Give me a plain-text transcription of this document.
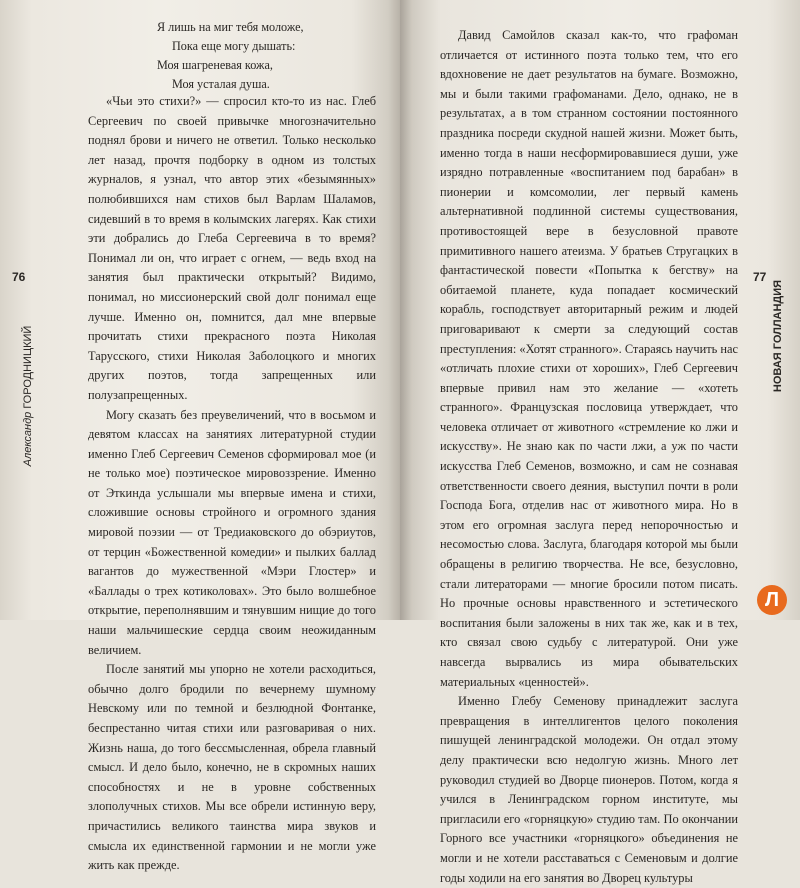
Я лишь на миг тебя моложе,
Пока еще могу дышать:
Моя шагреневая кожа,
Моя усталая душа.

«Чьи это стихи?» — спросил кто-то из нас. Глеб Сергеевич по своей привычке многозначительно поднял брови и ничего не ответил. Только несколько лет назад, прочтя подборку в одном из толстых журналов, я узнал, что автор этих «безымянных» полюбившихся нам стихов был Варлам Шаламов, сидевший в то время в колымских лагерях. Как стихи эти добрались до Глеба Сергеевича в то время? Понимал ли он, что играет с огнем, — ведь вход на занятия был практически открытый? Видимо, понимал, но миссионерский свой долг понимал еще лучше. Именно он, помнится, дал мне впервые прочитать стихи прекрасного поэта Николая Тарусского, стихи Николая Заболоцкого и многих других поэтов, тогда запрещенных или полузапрещенных.

Могу сказать без преувеличений, что в восьмом и девятом классах на занятиях литературной студии именно Глеб Сергеевич Семенов сформировал мое (и не только мое) поэтическое мировоззрение. Именно от Эткинда услышали мы впервые имена и стихи, сложившие основы стройного и огромного здания мировой поэзии — от Тредиаковского до обэриутов, от терцин «Божественной комедии» и пылких баллад вагантов до мужественной «Мэри Глостер» и «Баллады о трех котиколовах». Это было волшебное открытие, переполнявшим и тянувшим нищие до того наши мальчишеские сердца своим неожиданным величием.

После занятий мы упорно не хотели расходиться, обычно долго бродили по вечернему шумному Невскому или по темной и безлюдной Фонтанке, беспрестанно читая стихи или разговаривая о них. Жизнь наша, до того бессмысленная, обрела главный смысл. И дело было, конечно, не в скромных наших способностях и не в уровне собственных злополучных стихов. Мы все обрели истинную веру, причастились великого таинства мира звуков и смысла их единственной гармонии и не могли уже жить как прежде.

76
Александр ГОРОДНИЦКИЙ

Давид Самойлов сказал как-то, что графоман отличается от истинного поэта только тем, что его вдохновение не дает результатов на бумаге. Возможно, мы и были такими графоманами. Дело, однако, не в результатах, а в том странном состоянии постоянного праздника посреди скудной нашей жизни. Может быть, именно тогда в наши несформировавшиеся души, уже изрядно потравленные «воспитанием под барабан» в пионерии и комсомолии, лег первый камень альтернативной подлинной системы существования, противостоящей вере в безусловной правоте примитивного нашего атеизма. У братьев Стругацких в фантастической повести «Попытка к бегству» на обитаемой планете, куда попадает космический корабль, господствует авторитарный режим и людей приговаривают к смерти за следующий состав преступления: «Хотят странного». Стараясь научить нас «отличать плохие стихи от хороших», Глеб Сергеевич впервые привил нам это желание — «хотеть странного». Французская пословица утверждает, что человека отличает от животного «стремление ко лжи и искусству». Не знаю как по части лжи, а уж по части искусства Глеб Семенов, возможно, и сам не сознавая ответственности своего деяния, выступил почти в роли Господа Бога, отделив нас от животного мира. Но в этом его огромная заслуга перед непорочностью и несомостью слова. Заслуга, благодаря которой мы были обращены в религию творчества. Не все, безусловно, стали литераторами — многие бросили потом писать. Но прочные основы нравственного и эстетического воспитания были заложены в них так же, как и в тех, кто связал свою судьбу с литературой. Они уже навсегда вырвались из мира обывательских материальных «ценностей».

Именно Глебу Семенову принадлежит заслуга превращения в интеллигентов целого поколения пишущей ленинградской молодежи. Он отдал этому делу практически всю недолгую жизнь. Много лет руководил студией во Дворце пионеров. Потом, когда я учился в Ленинградском горном институте, мы пригласили его «горняцкую» студию там. По окончании Горного все участники «горняцкого» объединения не могли и не хотели расставаться с Семеновым и долгие годы ходили на его занятия во Дворец культуры

77
НОВАЯ ГОЛЛАНДИЯ
Л
